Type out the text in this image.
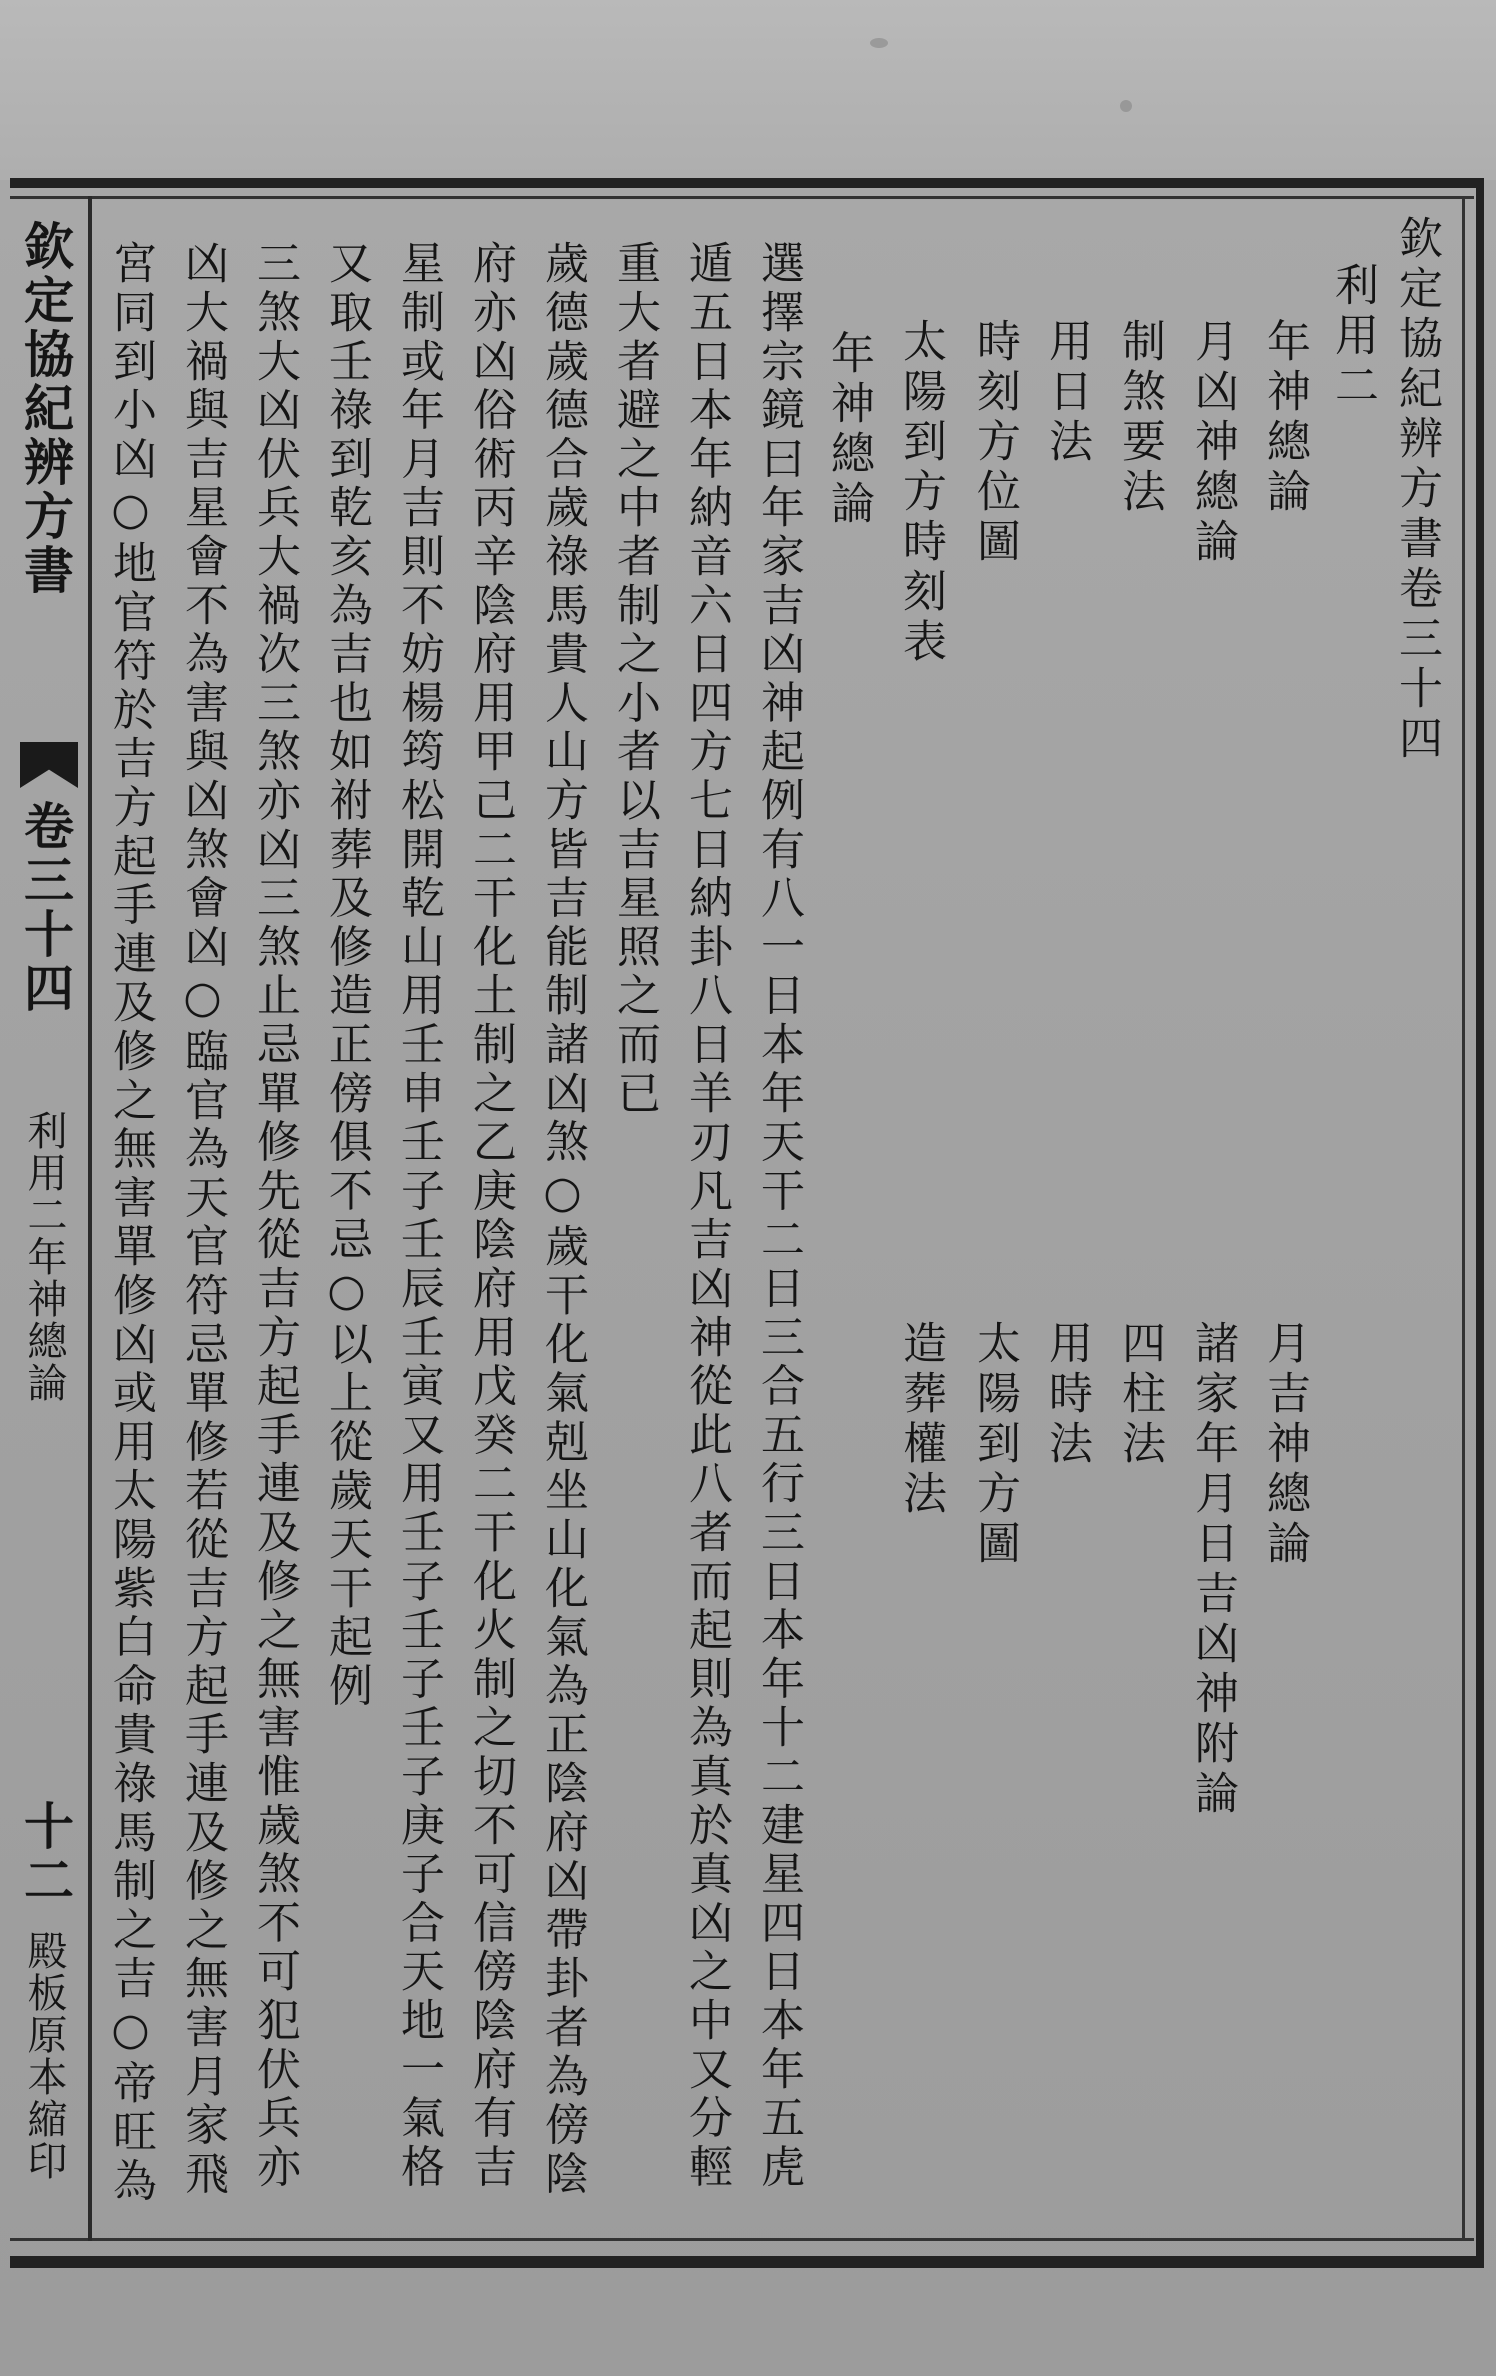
欽定協紀辨方書卷三十四
利用二
年神總論
月凶神總論
制煞要法
用日法
時刻方位圖
太陽到方時刻表
月吉神總論
諸家年月日吉凶神附論
四柱法
用時法
太陽到方圖
造葬權法
年神總論
選擇宗鏡曰年家吉凶神起例有八一日本年天干二日三合五行三日本年十二建星四日本年五虎
遁五日本年納音六日四方七日納卦八日羊刃凡吉凶神從此八者而起則為真於真凶之中又分輕
重大者避之中者制之小者以吉星照之而已
歲德歲德合歲祿馬貴人山方皆吉能制諸凶煞○歲干化氣剋坐山化氣為正陰府凶帶卦者為傍陰
府亦凶俗術丙辛陰府用甲己二干化土制之乙庚陰府用戊癸二干化火制之切不可信傍陰府有吉
星制或年月吉則不妨楊筠松開乾山用壬申壬子壬辰壬寅又用壬子壬子壬子庚子合天地一氣格
又取壬祿到乾亥為吉也如祔葬及修造正傍俱不忌○以上從歲天干起例
三煞大凶伏兵大禍次三煞亦凶三煞止忌單修先從吉方起手連及修之無害惟歲煞不可犯伏兵亦
凶大禍與吉星會不為害與凶煞會凶○臨官為天官符忌單修若從吉方起手連及修之無害月家飛
宮同到小凶○地官符於吉方起手連及修之無害單修凶或用太陽紫白命貴祿馬制之吉○帝旺為
欽定協紀辨方書
卷三十四
利用二年神總論
十二
殿板原本縮印
